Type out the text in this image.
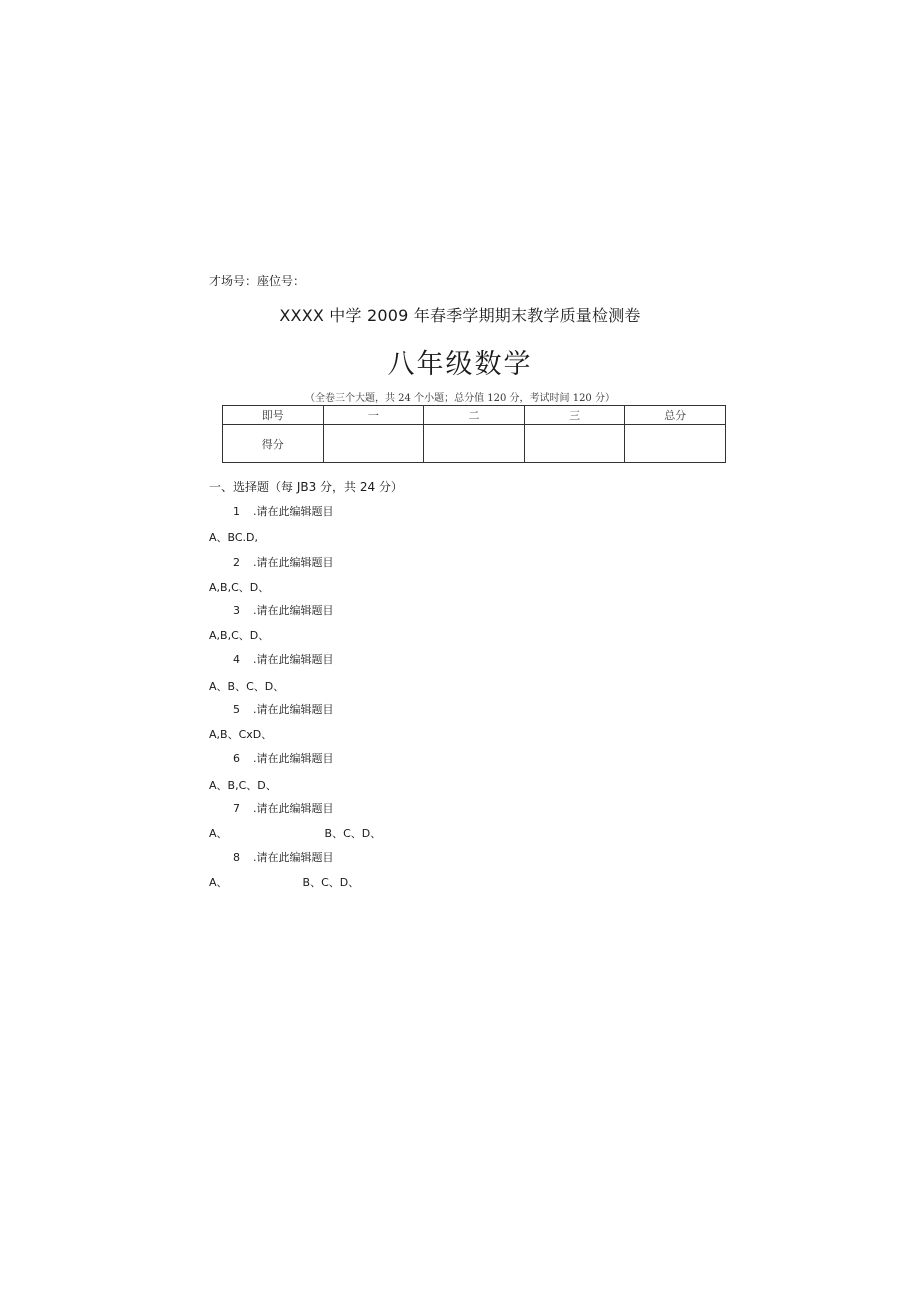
才场号：座位号：
XXXX 中学 2009 年春季学期期末教学质量检测卷
八年级数学
（全卷三个大题，共 24 个小题；总分值 120 分，考试时间 120 分）
即号	一	二	三	总分
得分				
一、选择题（每 JB3 分，共 24 分）
1 .请在此编辑题目
A、BC.D,
2 .请在此编辑题目
A,B,C、D、
3 .请在此编辑题目
A,B,C、D、
4 .请在此编辑题目
A、B、C、D、
5 .请在此编辑题目
A,B、CxD、
6 .请在此编辑题目
A、B,C、D、
7 .请在此编辑题目
A、	B、C、D、
8 .请在此编辑题目
A、	B、C、D、
